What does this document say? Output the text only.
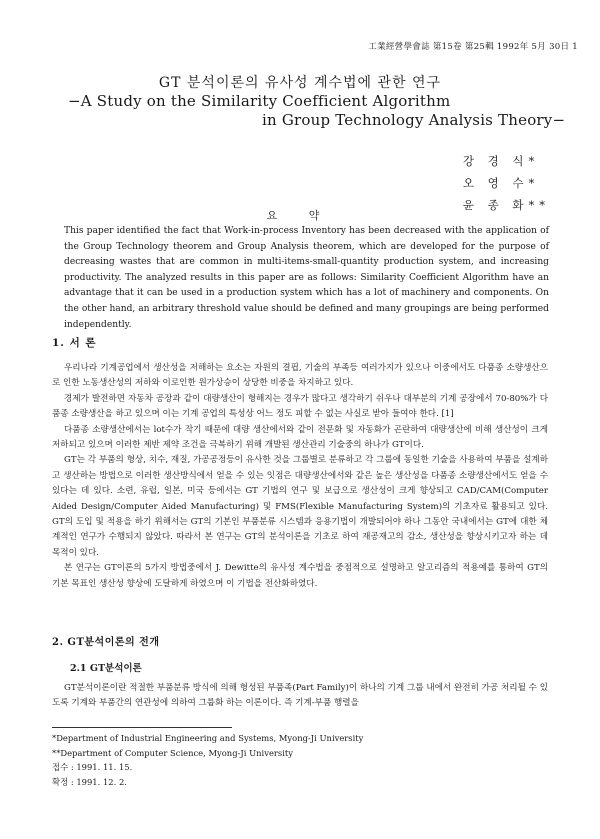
工業經營學會誌 第15卷 第25輯 1992年 5月 30日 1
GT 분석이론의 유사성 계수법에 관한 연구
−A Study on the Similarity Coefficient Algorithm
in Group Technology Analysis Theory−
강 경 식*
오 영 수*
윤 종 화**
요 약

This paper identified the fact that Work-in-process Inventory has been decreased with the application of the Group Technology theorem and Group Analysis theorem, which are developed for the purpose of decreasing wastes that are common in multi-items-small-quantity production system, and increasing productivity. The analyzed results in this paper are as follows: Similarity Coefficient Algorithm have an advantage that it can be used in a production system which has a lot of machinery and components. On the other hand, an arbitrary threshold value should be defined and many groupings are being performed independently.

1. 서 론

우리나라 기계공업에서 생산성을 저해하는 요소는 자원의 결핍, 기술의 부족등 여러가지가 있으나 이중에서도 다품종 소량생산으로 인한 노동생산성의 저하와 이로인한 원가상승이 상당한 비중을 차지하고 있다.

경제가 발전하면 자동차 공장과 같이 대량생산이 형해지는 경우가 많다고 생각하기 쉬우나 대부분의 기계 공장에서 70-80%가 다품종 소량생산을 하고 있으며 이는 기계 공업의 특성상 어느 정도 피할 수 없는 사실로 받아 들여야 한다. [1]

다품종 소량생산에서는 lot수가 작기 때문에 대량 생산에서와 같이 전문화 및 자동화가 곤란하여 대량생산에 비해 생산성이 크게 저하되고 있으며 이러한 제반 제약 조건을 극복하기 위해 개발된 생산관리 기술중의 하나가 GT이다.

GT는 각 부품의 형상, 치수, 재질, 가공공정등이 유사한 것을 그룹별로 분류하고 각 그룹에 동일한 기술을 사용하여 부품을 설계하고 생산하는 방법으로 이러한 생산방식에서 얻을 수 있는 잇점은 대량생산에서와 같은 높은 생산성을 다품종 소량생산에서도 얻을 수 있다는 데 있다. 소련, 유럽, 일본, 미국 등에서는 GT 기법의 연구 및 보급으로 생산성이 크게 향상되고 CAD/CAM(Computer Aided Design/Computer Aided Manufacturing) 및 FMS(Flexible Manufacturing System)의 기초자료 활용되고 있다. GT의 도입 및 적용을 하기 위해서는 GT의 기본인 부품분류 시스템과 응용기법이 개발되어야 하나 그동안 국내에서는 GT에 대한 체계적인 연구가 수행되지 않았다. 따라서 본 연구는 GT의 분석이론을 기초로 하여 재공재고의 감소, 생산성을 향상시키고자 하는 데 목적이 있다.

본 연구는 GT이론의 5가지 방법중에서 J. Dewitte의 유사성 계수법을 중점적으로 설명하고 알고리즘의 적용예를 통하여 GT의 기본 목표인 생산성 향상에 도달하게 하였으며 이 기법을 전산화하였다.

2. GT분석이론의 전개
2.1 GT분석이론

GT분석이론이란 적절한 부품분류 방식에 의해 형성된 부품족(Part Family)이 하나의 기계 그룹 내에서 완전히 가공 처리될 수 있도록 기계와 부품간의 연관성에 의하여 그룹화 하는 이론이다. 즉 기계-부품 행렬을

*Department of Industrial Engineering and Systems, Myong-Ji University
**Department of Computer Science, Myong-Ji University
접수 : 1991. 11. 15.
확정 : 1991. 12. 2.
